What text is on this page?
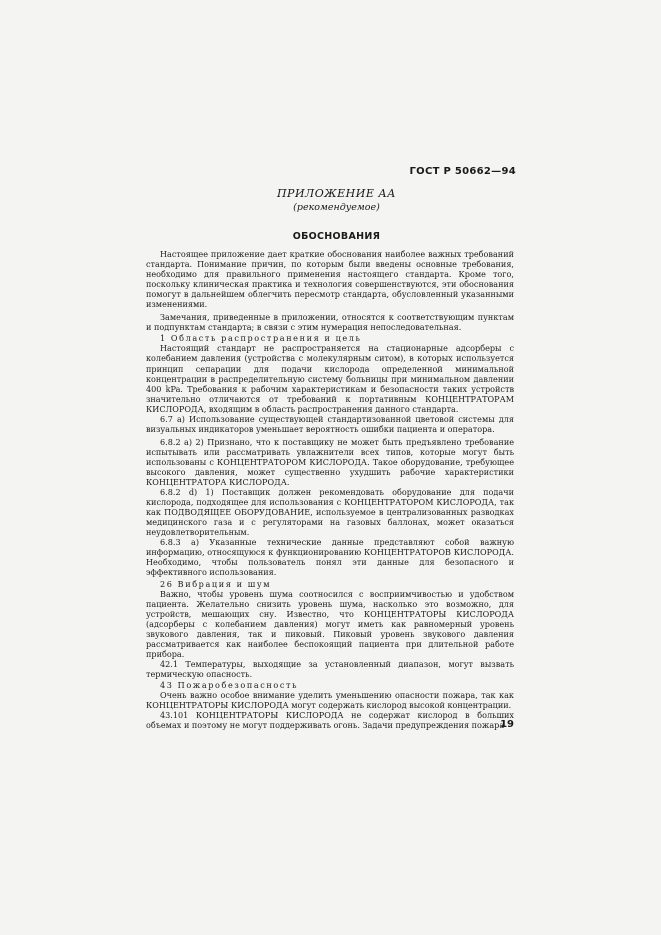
ГОСТ Р 50662—94
ПРИЛОЖЕНИЕ АА
(рекомендуемое)
ОБОСНОВАНИЯ

Настоящее приложение дает краткие обоснования наиболее важных требований стандарта. Понимание причин, по которым были введены основные требования, необходимо для правильного применения настоящего стандарта. Кроме того, поскольку клиническая практика и технология совершенствуются, эти обоснования помогут в дальнейшем облегчить пересмотр стандарта, обусловленный указанными изменениями.

Замечания, приведенные в приложении, относятся к соответствующим пунктам и подпунктам стандарта; в связи с этим нумерация непоследовательная.

1 Область распространения и цель

Настоящий стандарт не распространяется на стационарные адсорберы с колебанием давления (устройства с молекулярным ситом), в которых используется принцип сепарации для подачи кислорода определенной минимальной концентрации в распределительную систему больницы при минимальном давлении 400 kPa. Требования к рабочим характеристикам и безопасности таких устройств значительно отличаются от требований к портативным КОНЦЕНТРАТОРАМ КИСЛОРОДА, входящим в область распространения данного стандарта.

6.7 а) Использование существующей стандартизованной цветовой системы для визуальных индикаторов уменьшает вероятность ошибки пациента и оператора.

6.8.2 а) 2) Признано, что к поставщику не может быть предъявлено требование испытывать или рассматривать увлажнители всех типов, которые могут быть использованы с КОНЦЕНТРАТОРОМ КИСЛОРОДА. Такое оборудование, требующее высокого давления, может существенно ухудшить рабочие характеристики КОНЦЕНТРАТОРА КИСЛОРОДА.

6.8.2 d) 1) Поставщик должен рекомендовать оборудование для подачи кислорода, подходящее для использования с КОНЦЕНТРАТОРОМ КИСЛОРОДА, так как ПОДВОДЯЩЕЕ ОБОРУДОВАНИЕ, используемое в централизованных разводках медицинского газа и с регуляторами на газовых баллонах, может оказаться неудовлетворительным.

6.8.3 а) Указанные технические данные представляют собой важную информацию, относящуюся к функционированию КОНЦЕНТРАТОРОВ КИСЛОРОДА. Необходимо, чтобы пользователь понял эти данные для безопасного и эффективного использования.

26 Вибрация и шум

Важно, чтобы уровень шума соотносился с восприимчивостью и удобством пациента. Желательно снизить уровень шума, насколько это возможно, для устройств, мешающих сну. Известно, что КОНЦЕНТРАТОРЫ КИСЛОРОДА (адсорберы с колебанием давления) могут иметь как равномерный уровень звукового давления, так и пиковый. Пиковый уровень звукового давления рассматривается как наиболее беспокоящий пациента при длительной работе прибора.

42.1 Температуры, выходящие за установленный диапазон, могут вызвать термическую опасность.

43 Пожаробезопасность

Очень важно особое внимание уделить уменьшению опасности пожара, так как КОНЦЕНТРАТОРЫ КИСЛОРОДА могут содержать кислород высокой концентрации.

43.101 КОНЦЕНТРАТОРЫ КИСЛОРОДА не содержат кислород в больших объемах и поэтому не могут поддерживать огонь. Задачи предупреждения пожара

19
